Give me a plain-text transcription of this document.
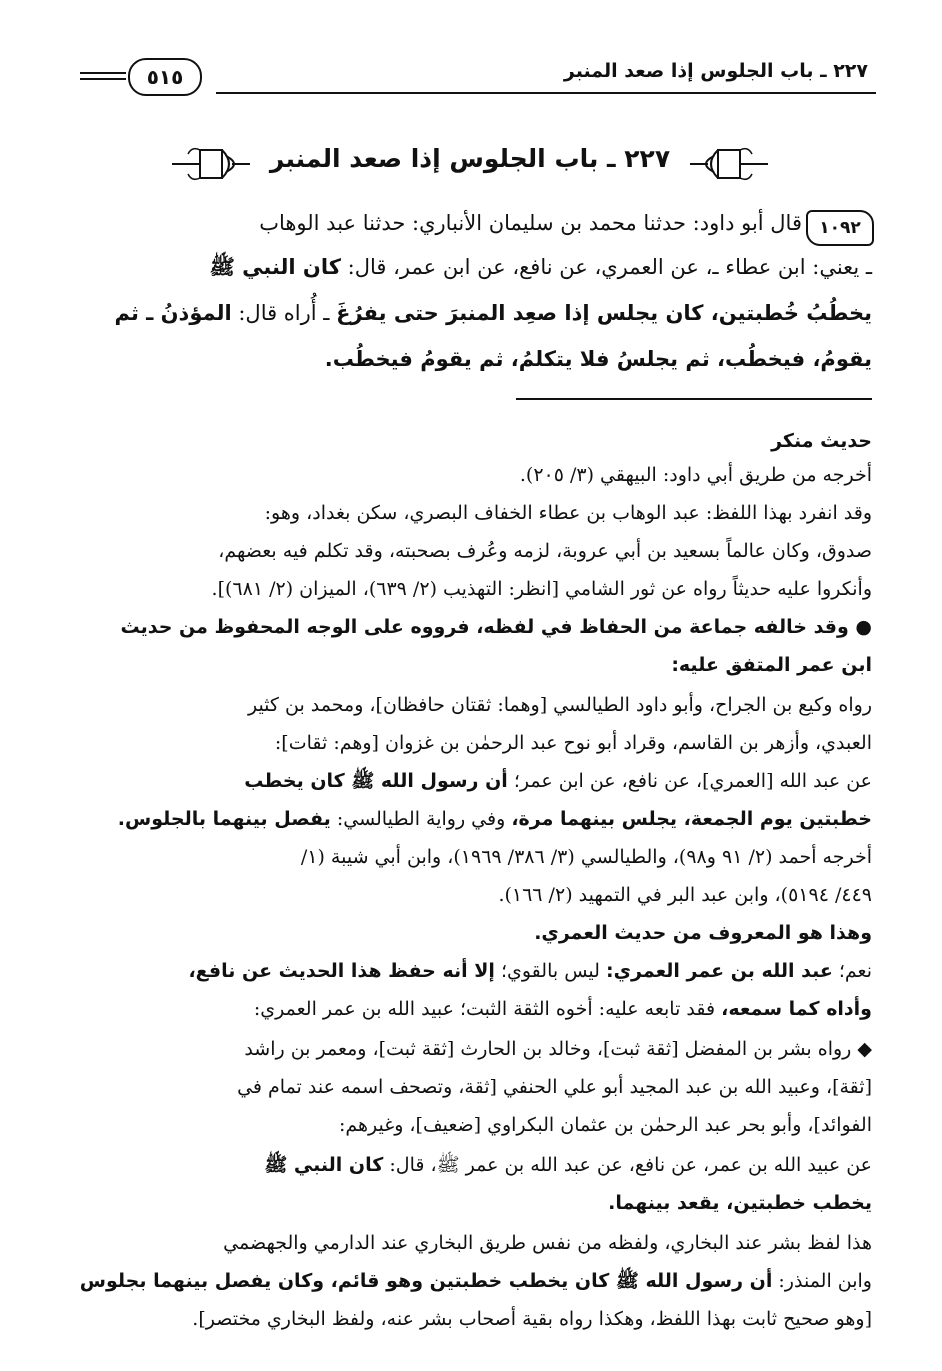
٥١٥	٢٢٧ ـ باب الجلوس إذا صعد المنبر
٢٢٧ ـ باب الجلوس إذا صعد المنبر
١٠٩٢
قال أبو داود: حدثنا محمد بن سليمان الأنباري: حدثنا عبد الوهاب
ـ يعني: ابن عطاء ـ، عن العمري، عن نافع، عن ابن عمر، قال: كان النبي ﷺ
يخطُبُ خُطبتين، كان يجلس إذا صعِد المنبرَ حتى يفرُغَ ـ أُراه قال: المؤذنُ ـ ثم
يقومُ، فيخطُب، ثم يجلسُ فلا يتكلمُ، ثم يقومُ فيخطُب.
حديث منكر
أخرجه من طريق أبي داود: البيهقي (٣/ ٢٠٥).
وقد انفرد بهذا اللفظ: عبد الوهاب بن عطاء الخفاف البصري، سكن بغداد، وهو:
صدوق، وكان عالماً بسعيد بن أبي عروبة، لزمه وعُرف بصحبته، وقد تكلم فيه بعضهم،
وأنكروا عليه حديثاً رواه عن ثور الشامي [انظر: التهذيب (٢/ ٦٣٩)، الميزان (٢/ ٦٨١)].
● وقد خالفه جماعة من الحفاظ في لفظه، فرووه على الوجه المحفوظ من حديث
ابن عمر المتفق عليه:
رواه وكيع بن الجراح، وأبو داود الطيالسي [وهما: ثقتان حافظان]، ومحمد بن كثير
العبدي، وأزهر بن القاسم، وقراد أبو نوح عبد الرحمٰن بن غزوان [وهم: ثقات]:
عن عبد الله [العمري]، عن نافع، عن ابن عمر؛ أن رسول الله ﷺ كان يخطب
خطبتين يوم الجمعة، يجلس بينهما مرة، وفي رواية الطيالسي: يفصل بينهما بالجلوس.
أخرجه أحمد (٢/ ٩١ و٩٨)، والطيالسي (٣/ ٣٨٦/ ١٩٦٩)، وابن أبي شيبة (١/
٤٤٩/ ٥١٩٤)، وابن عبد البر في التمهيد (٢/ ١٦٦).
وهذا هو المعروف من حديث العمري.
نعم؛ عبد الله بن عمر العمري: ليس بالقوي؛ إلا أنه حفظ هذا الحديث عن نافع،
وأداه كما سمعه، فقد تابعه عليه: أخوه الثقة الثبت؛ عبيد الله بن عمر العمري:
◆ رواه بشر بن المفضل [ثقة ثبت]، وخالد بن الحارث [ثقة ثبت]، ومعمر بن راشد
[ثقة]، وعبيد الله بن عبد المجيد أبو علي الحنفي [ثقة، وتصحف اسمه عند تمام في
الفوائد]، وأبو بحر عبد الرحمٰن بن عثمان البكراوي [ضعيف]، وغيرهم:
عن عبيد الله بن عمر، عن نافع، عن عبد الله بن عمر ﷺ، قال: كان النبي ﷺ
يخطب خطبتين، يقعد بينهما.
هذا لفظ بشر عند البخاري، ولفظه من نفس طريق البخاري عند الدارمي والجهضمي
وابن المنذر: أن رسول الله ﷺ كان يخطب خطبتين وهو قائم، وكان يفصل بينهما بجلوس
[وهو صحيح ثابت بهذا اللفظ، وهكذا رواه بقية أصحاب بشر عنه، ولفظ البخاري مختصر].
